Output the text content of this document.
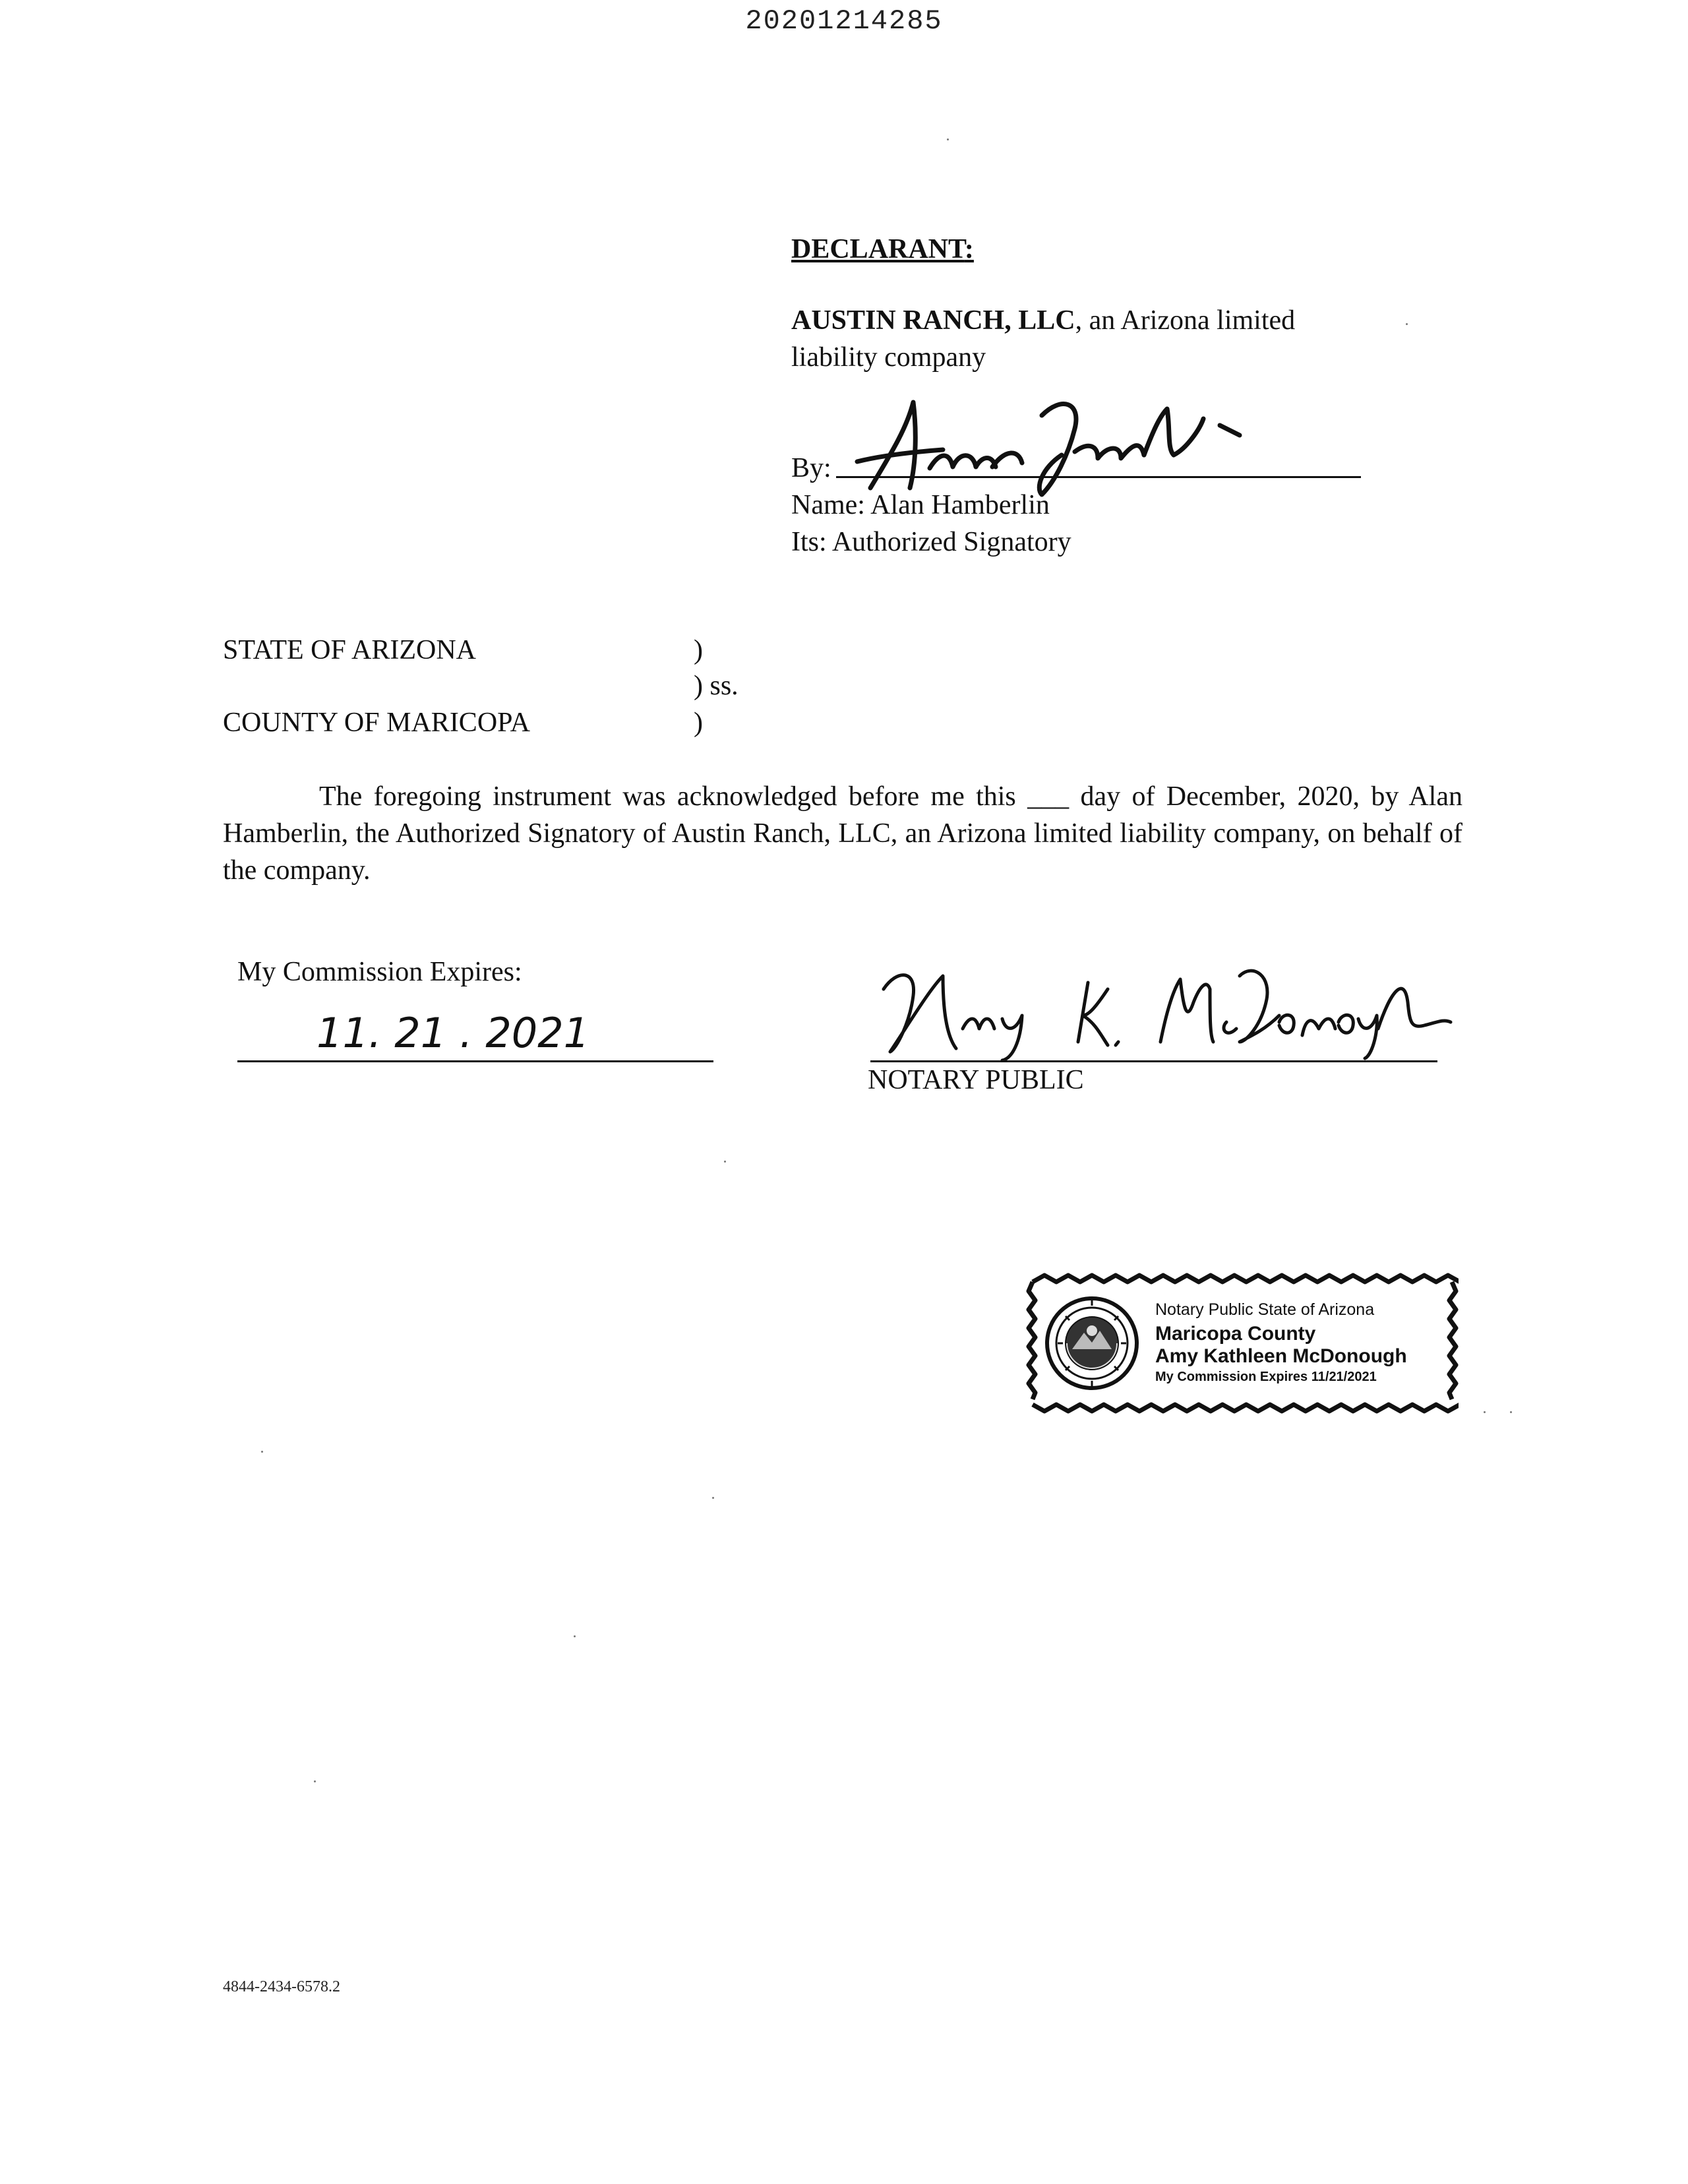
20201214285
DECLARANT:
AUSTIN RANCH, LLC, an Arizona limited
liability company
By:
Name: Alan Hamberlin
Its: Authorized Signatory
STATE OF ARIZONA	)
) ss.
COUNTY OF MARICOPA	)
The foregoing instrument was acknowledged before me this ___ day of December, 2020, by Alan Hamberlin, the Authorized Signatory of Austin Ranch, LLC, an Arizona limited liability company, on behalf of the company.
My Commission Expires:
11. 21 . 2021
NOTARY PUBLIC
Notary Public State of Arizona
Maricopa County
Amy Kathleen McDonough
My Commission Expires 11/21/2021
4844-2434-6578.2
